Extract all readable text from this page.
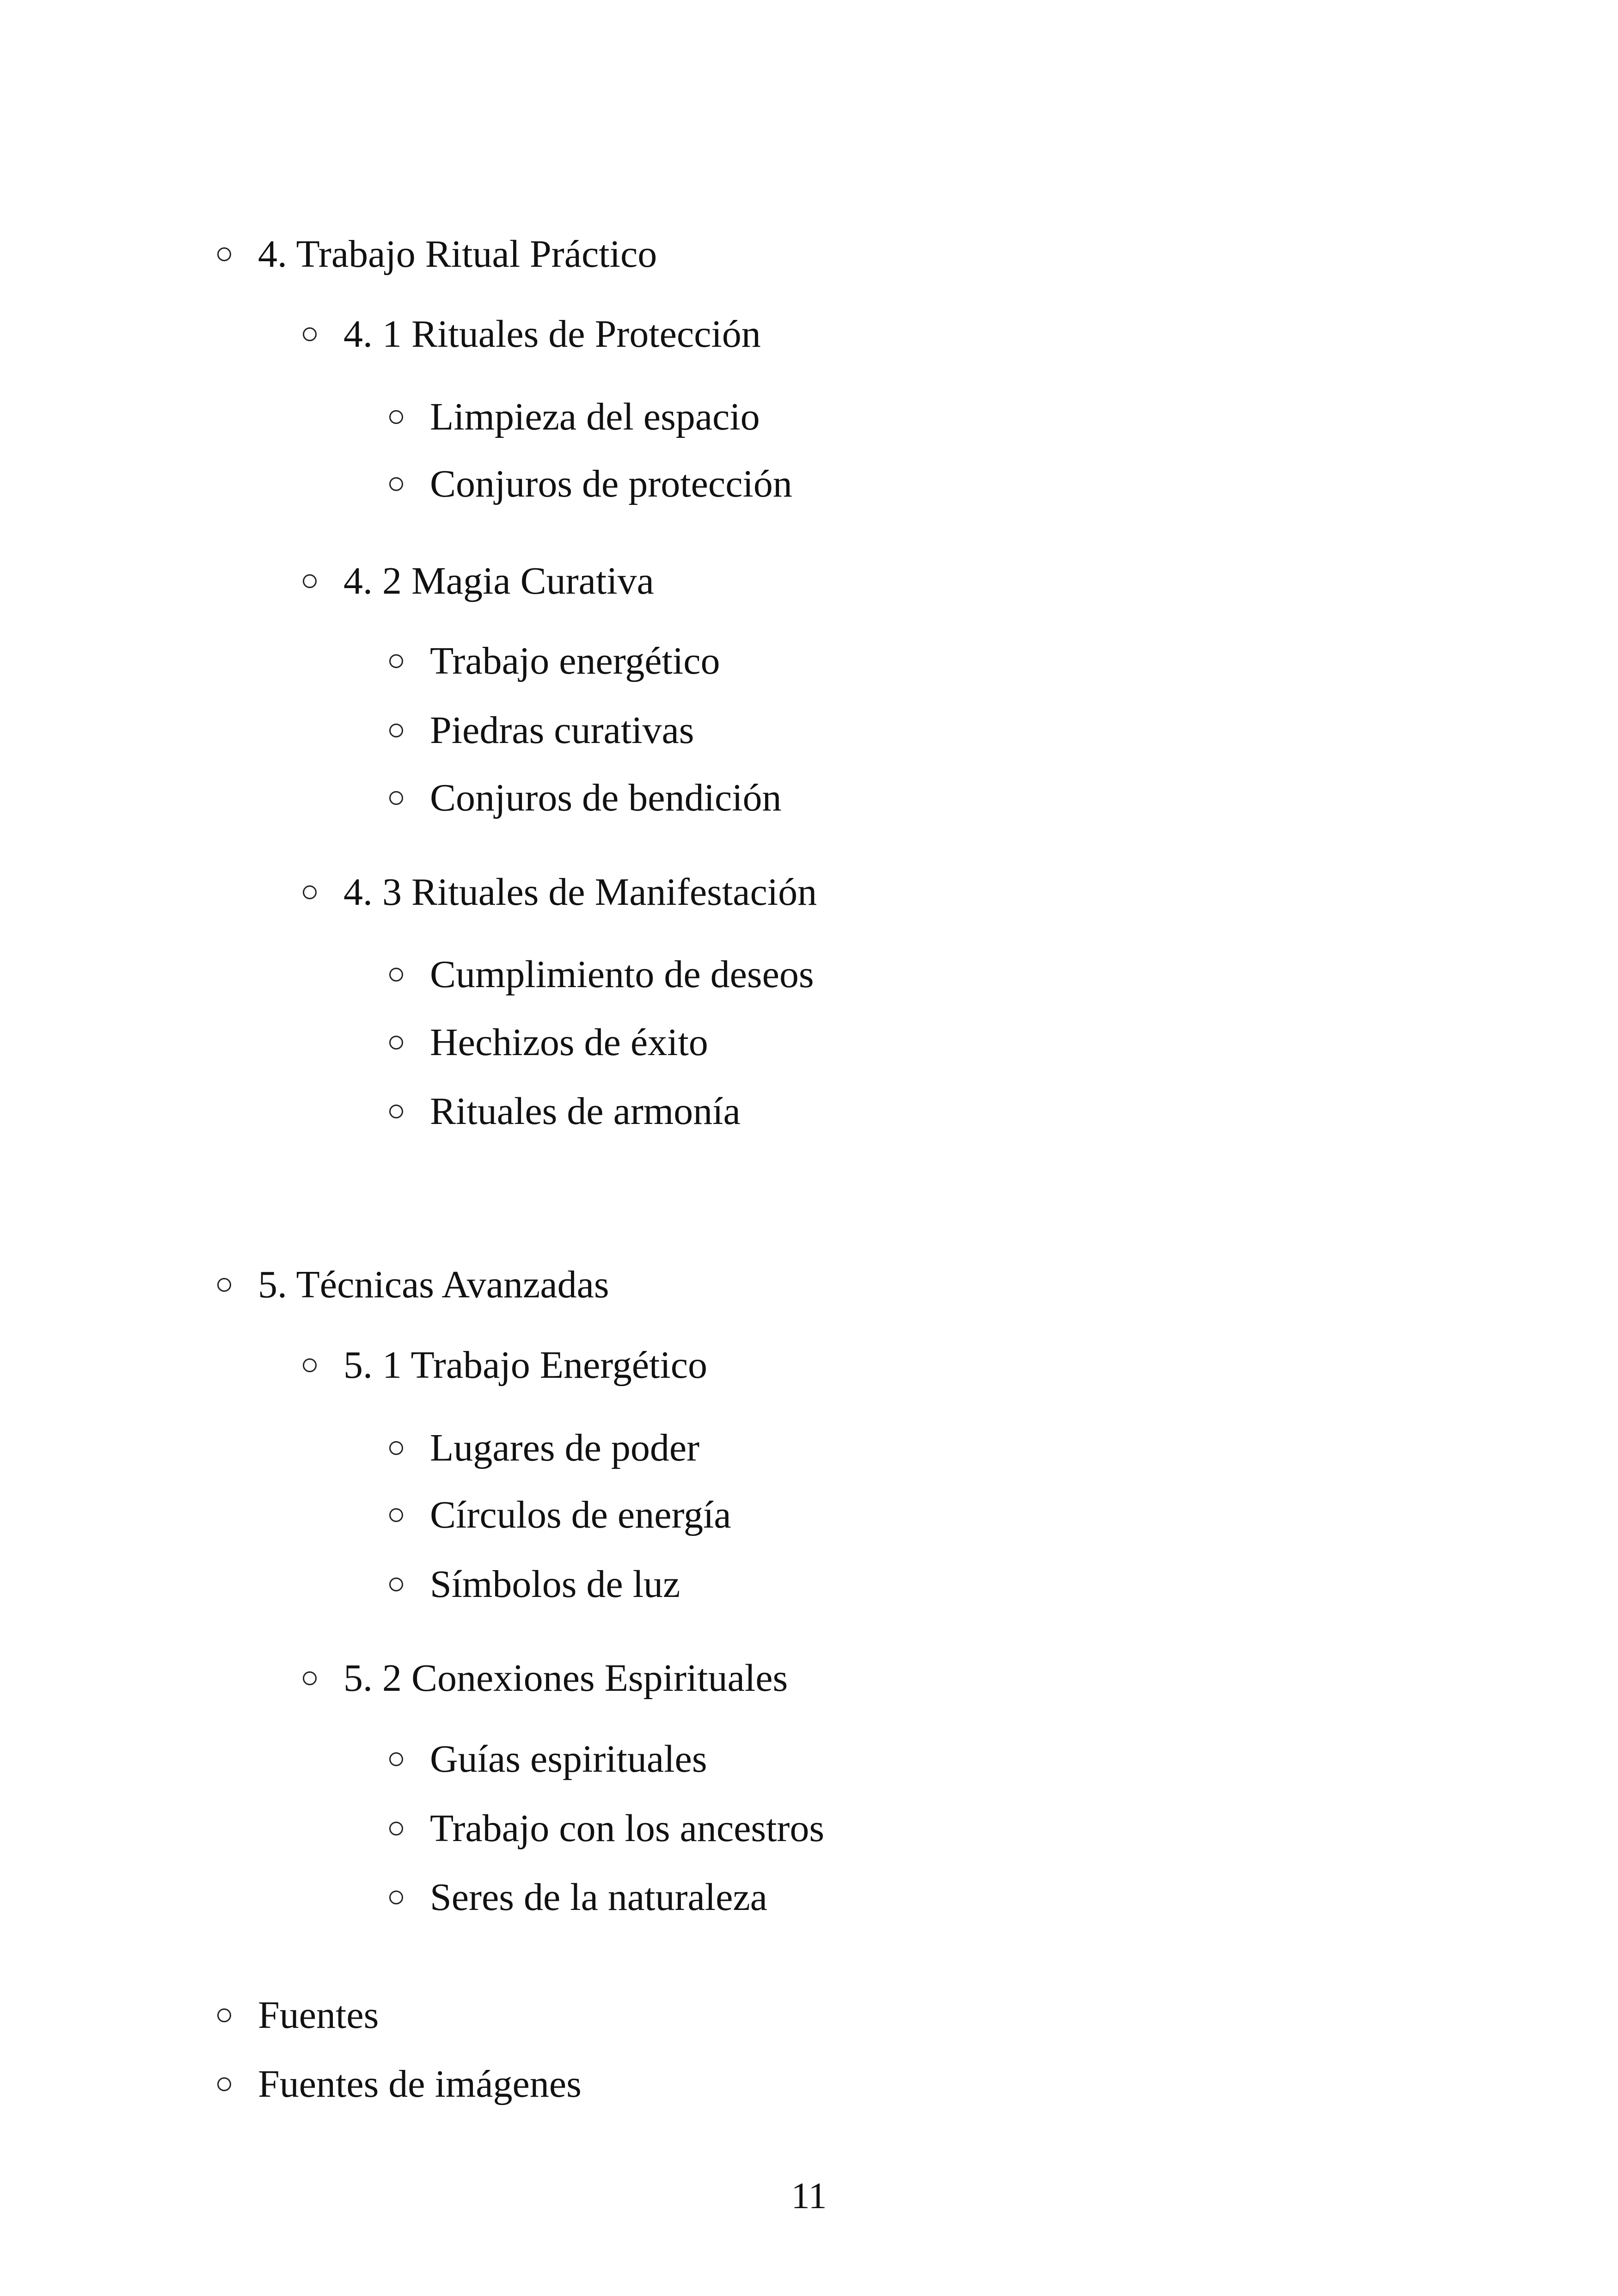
4. Trabajo Ritual Práctico
4. 1 Rituales de Protección
Limpieza del espacio
Conjuros de protección
4. 2 Magia Curativa
Trabajo energético
Piedras curativas
Conjuros de bendición
4. 3 Rituales de Manifestación
Cumplimiento de deseos
Hechizos de éxito
Rituales de armonía
5. Técnicas Avanzadas
5. 1 Trabajo Energético
Lugares de poder
Círculos de energía
Símbolos de luz
5. 2 Conexiones Espirituales
Guías espirituales
Trabajo con los ancestros
Seres de la naturaleza
Fuentes
Fuentes de imágenes
11
